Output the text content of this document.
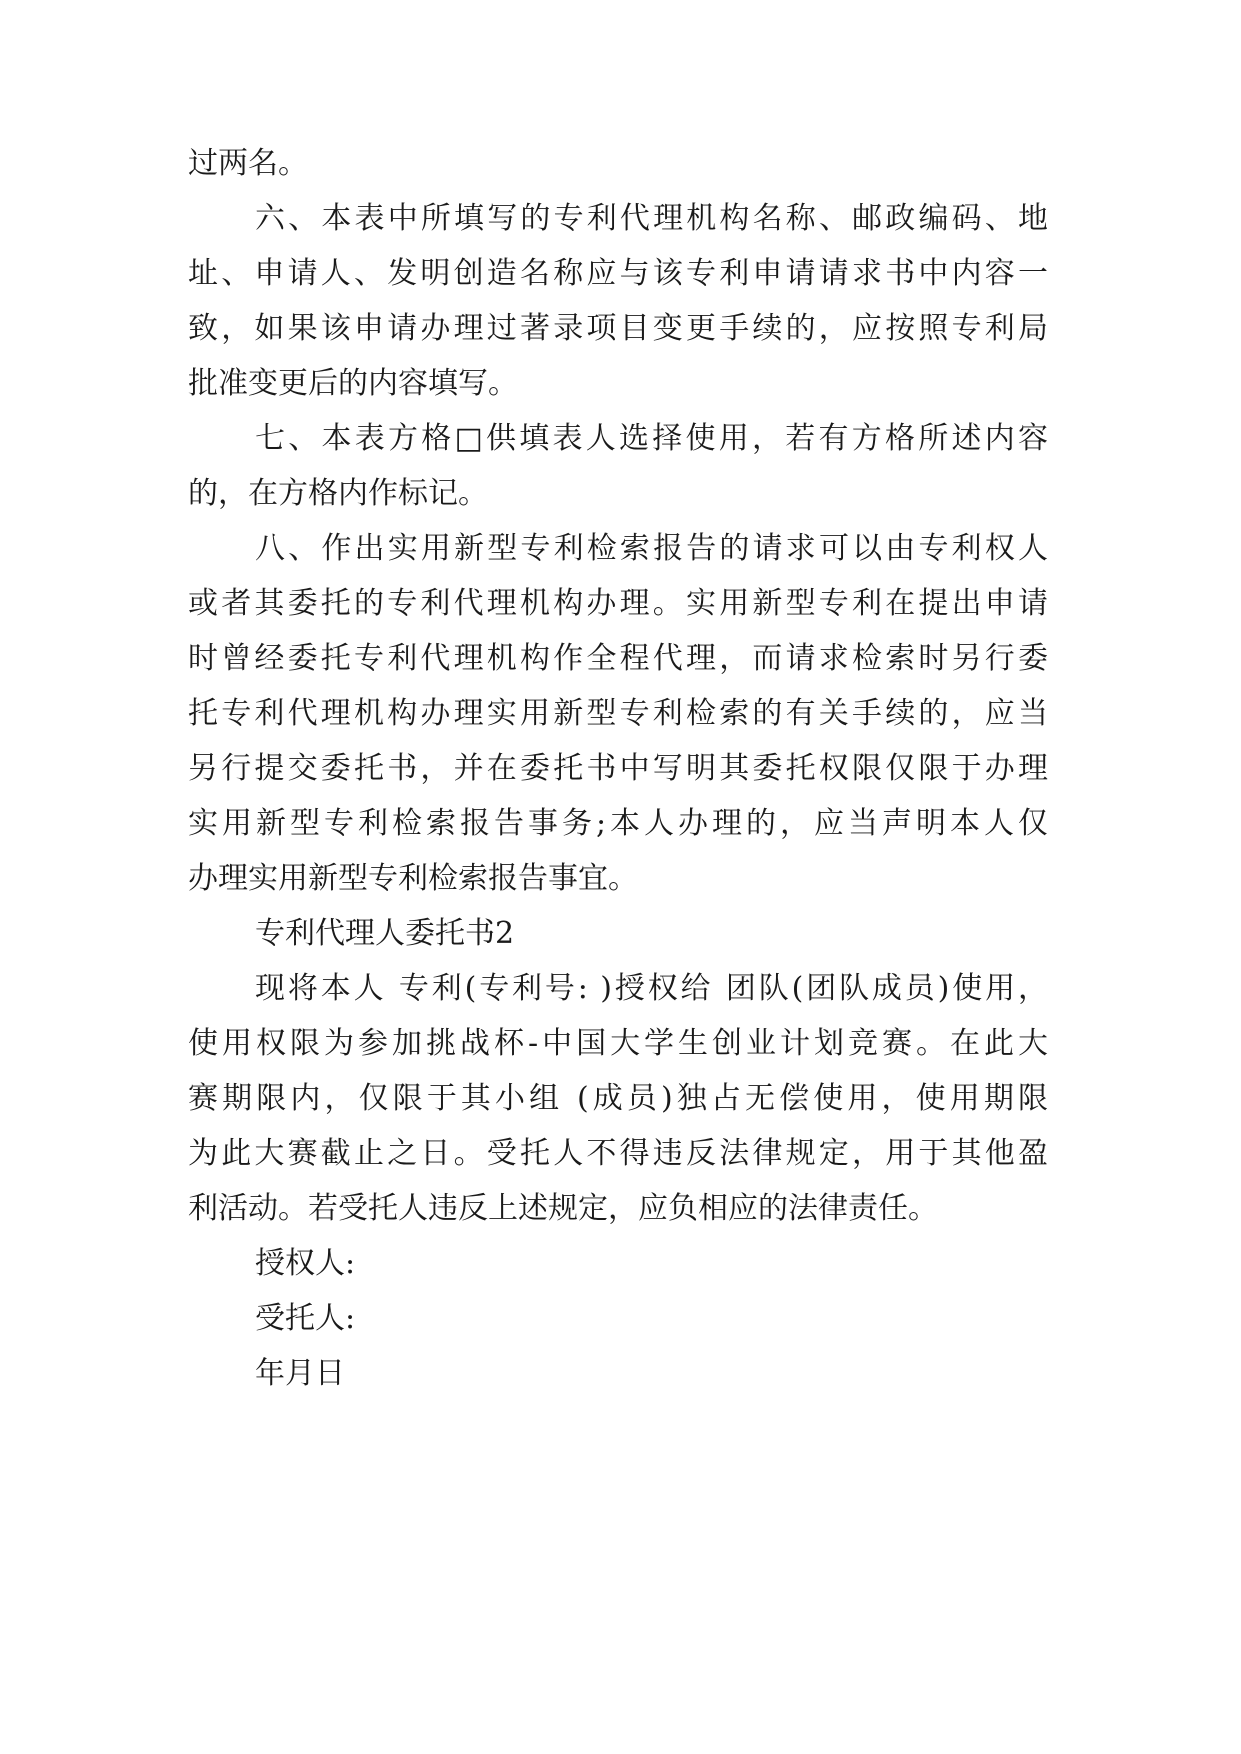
过两名。
六、本表中所填写的专利代理机构名称、邮政编码、地
址、申请人、发明创造名称应与该专利申请请求书中内容一
致，如果该申请办理过著录项目变更手续的，应按照专利局
批准变更后的内容填写。
七、本表方格□供填表人选择使用，若有方格所述内容
的，在方格内作标记。
八、作出实用新型专利检索报告的请求可以由专利权人
或者其委托的专利代理机构办理。实用新型专利在提出申请
时曾经委托专利代理机构作全程代理，而请求检索时另行委
托专利代理机构办理实用新型专利检索的有关手续的，应当
另行提交委托书，并在委托书中写明其委托权限仅限于办理
实用新型专利检索报告事务;本人办理的，应当声明本人仅
办理实用新型专利检索报告事宜。
专利代理人委托书2
现将本人 专利(专利号: )授权给 团队(团队成员)使用，
使用权限为参加挑战杯-中国大学生创业计划竞赛。在此大
赛期限内，仅限于其小组 (成员)独占无偿使用，使用期限
为此大赛截止之日。受托人不得违反法律规定，用于其他盈
利活动。若受托人违反上述规定，应负相应的法律责任。
授权人:
受托人:
年月日
